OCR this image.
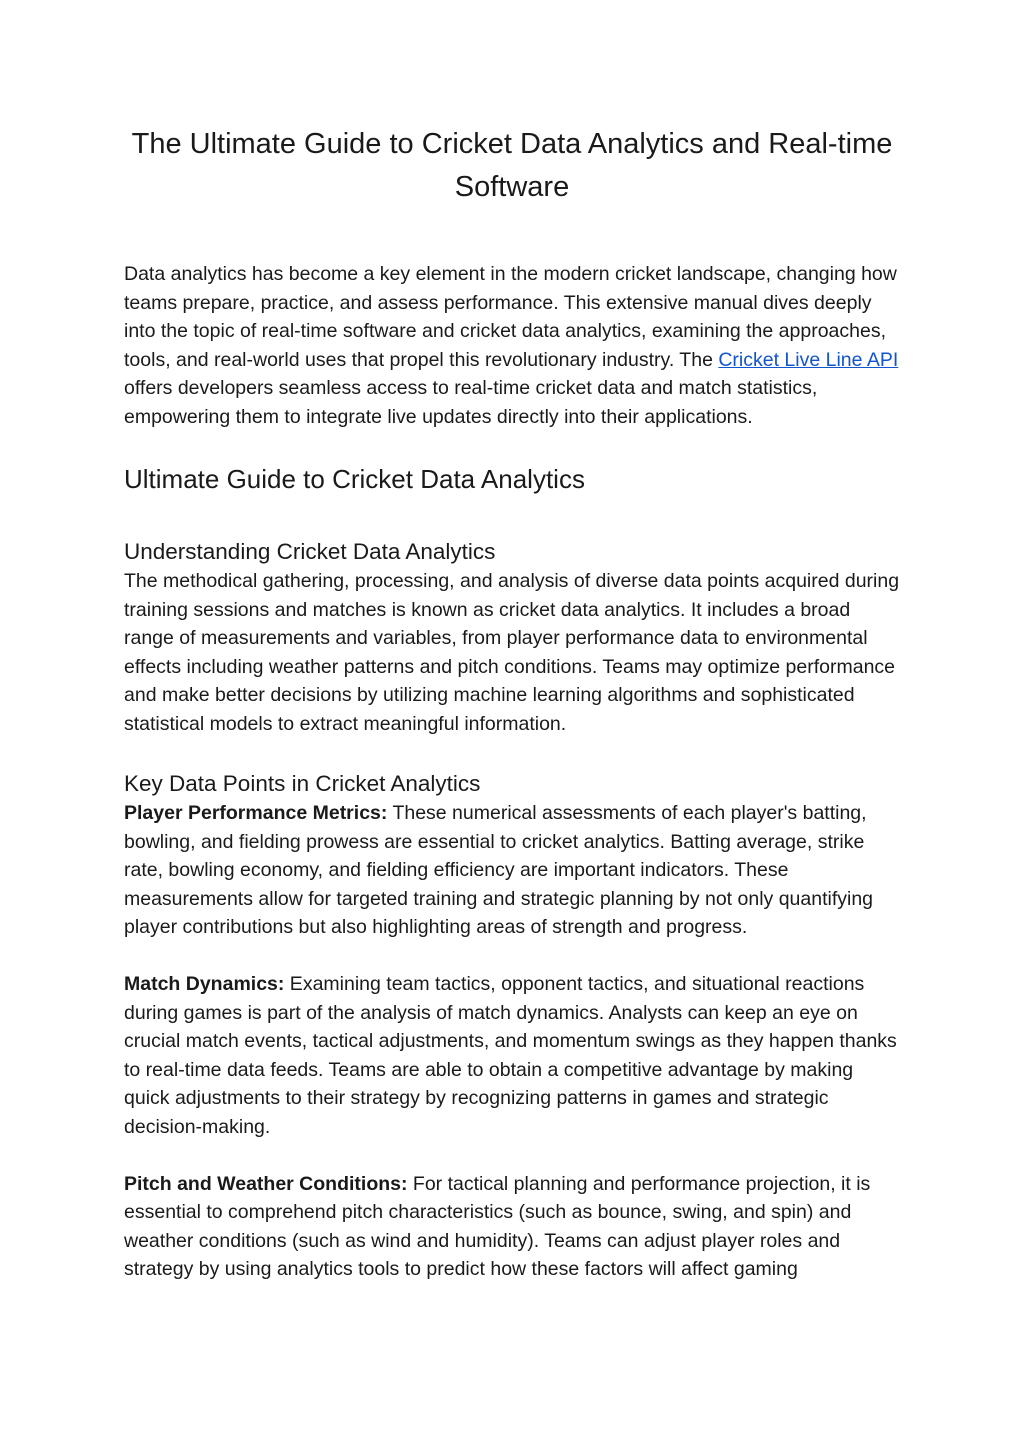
The Ultimate Guide to Cricket Data Analytics and Real-time Software

Data analytics has become a key element in the modern cricket landscape, changing how teams prepare, practice, and assess performance. This extensive manual dives deeply into the topic of real-time software and cricket data analytics, examining the approaches, tools, and real-world uses that propel this revolutionary industry. The Cricket Live Line API offers developers seamless access to real-time cricket data and match statistics, empowering them to integrate live updates directly into their applications.

Ultimate Guide to Cricket Data Analytics
Understanding Cricket Data Analytics

The methodical gathering, processing, and analysis of diverse data points acquired during training sessions and matches is known as cricket data analytics. It includes a broad range of measurements and variables, from player performance data to environmental effects including weather patterns and pitch conditions. Teams may optimize performance and make better decisions by utilizing machine learning algorithms and sophisticated statistical models to extract meaningful information.

Key Data Points in Cricket Analytics

Player Performance Metrics: These numerical assessments of each player's batting, bowling, and fielding prowess are essential to cricket analytics. Batting average, strike rate, bowling economy, and fielding efficiency are important indicators. These measurements allow for targeted training and strategic planning by not only quantifying player contributions but also highlighting areas of strength and progress.

Match Dynamics: Examining team tactics, opponent tactics, and situational reactions during games is part of the analysis of match dynamics. Analysts can keep an eye on crucial match events, tactical adjustments, and momentum swings as they happen thanks to real-time data feeds. Teams are able to obtain a competitive advantage by making quick adjustments to their strategy by recognizing patterns in games and strategic decision-making.

Pitch and Weather Conditions: For tactical planning and performance projection, it is essential to comprehend pitch characteristics (such as bounce, swing, and spin) and weather conditions (such as wind and humidity). Teams can adjust player roles and strategy by using analytics tools to predict how these factors will affect gaming
